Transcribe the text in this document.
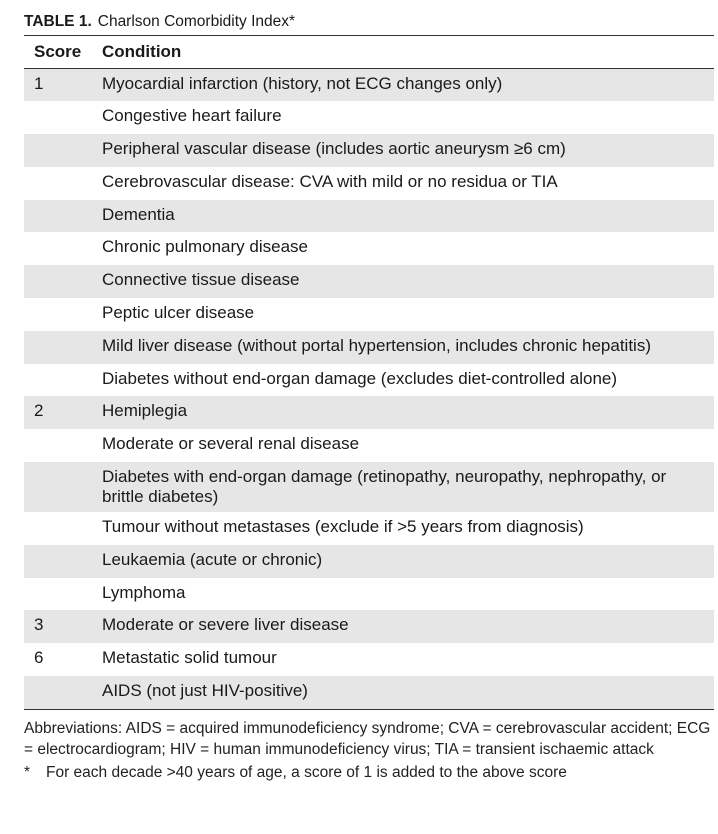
TABLE 1. Charlson Comorbidity Index*
Score	Condition
1	Myocardial infarction (history, not ECG changes only)
	Congestive heart failure
	Peripheral vascular disease (includes aortic aneurysm ≥6 cm)
	Cerebrovascular disease: CVA with mild or no residua or TIA
	Dementia
	Chronic pulmonary disease
	Connective tissue disease
	Peptic ulcer disease
	Mild liver disease (without portal hypertension, includes chronic hepatitis)
	Diabetes without end-organ damage (excludes diet-controlled alone)
2	Hemiplegia
	Moderate or several renal disease
	Diabetes with end-organ damage (retinopathy, neuropathy, nephropathy, or brittle diabetes)
	Tumour without metastases (exclude if >5 years from diagnosis)
	Leukaemia (acute or chronic)
	Lymphoma
3	Moderate or severe liver disease
6	Metastatic solid tumour
	AIDS (not just HIV-positive)
Abbreviations: AIDS = acquired immunodeficiency syndrome; CVA = cerebrovascular accident; ECG = electrocardiogram; HIV = human immunodeficiency virus; TIA = transient ischaemic attack
* For each decade >40 years of age, a score of 1 is added to the above score
